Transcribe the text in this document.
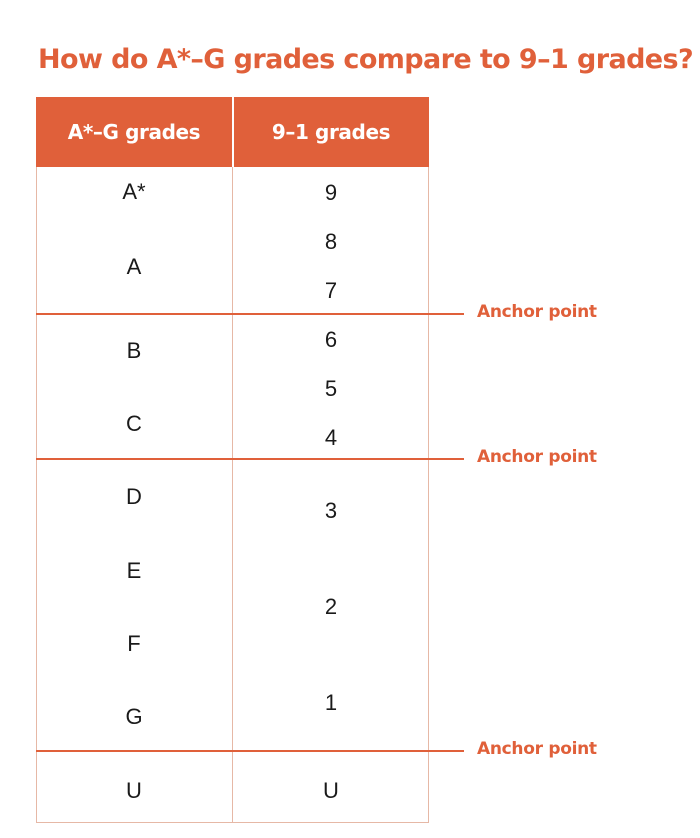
How do A*–G grades compare to 9–1 grades?
A*–G grades	9–1 grades
A*
A
B
C
D
E
F
G
U
9
8
7
6
5
4
3
2
1
U
Anchor point
Anchor point
Anchor point
